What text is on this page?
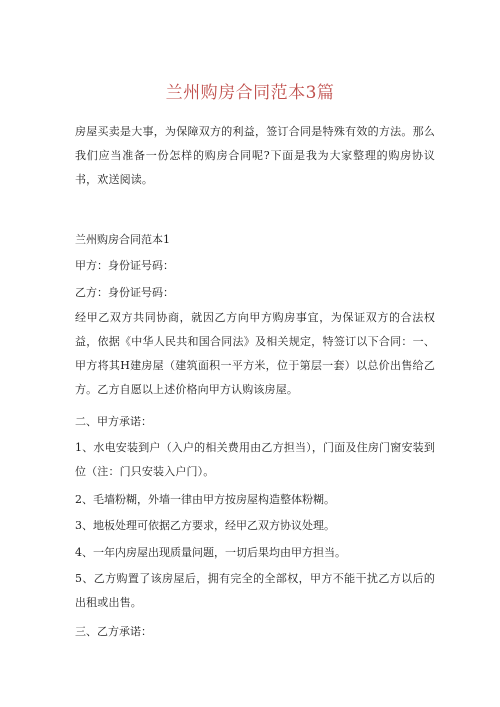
兰州购房合同范本3篇
房屋买卖是大事，为保障双方的利益，签订合同是特殊有效的方法。那么我们应当准备一份怎样的购房合同呢?下面是我为大家整理的购房协议书，欢送阅读。
兰州购房合同范本1
甲方：身份证号码：
乙方：身份证号码：
经甲乙双方共同协商，就因乙方向甲方购房事宜，为保证双方的合法权益，依据《中华人民共和国合同法》及相关规定，特签订以下合同：一、甲方将其H建房屋（建筑面积一平方米，位于第层一套）以总价出售给乙方。乙方自愿以上述价格向甲方认购该房屋。
二、甲方承诺：
1、水电安装到户（入户的相关费用由乙方担当），门面及住房门窗安装到位（注：门只安装入户门）。
2、毛墙粉糊，外墙一律由甲方按房屋构造整体粉糊。
3、地板处理可依据乙方要求，经甲乙双方协议处理。
4、一年内房屋出现质量问题，一切后果均由甲方担当。
5、乙方购置了该房屋后，拥有完全的全部权，甲方不能干扰乙方以后的出租或出售。
三、乙方承诺：
